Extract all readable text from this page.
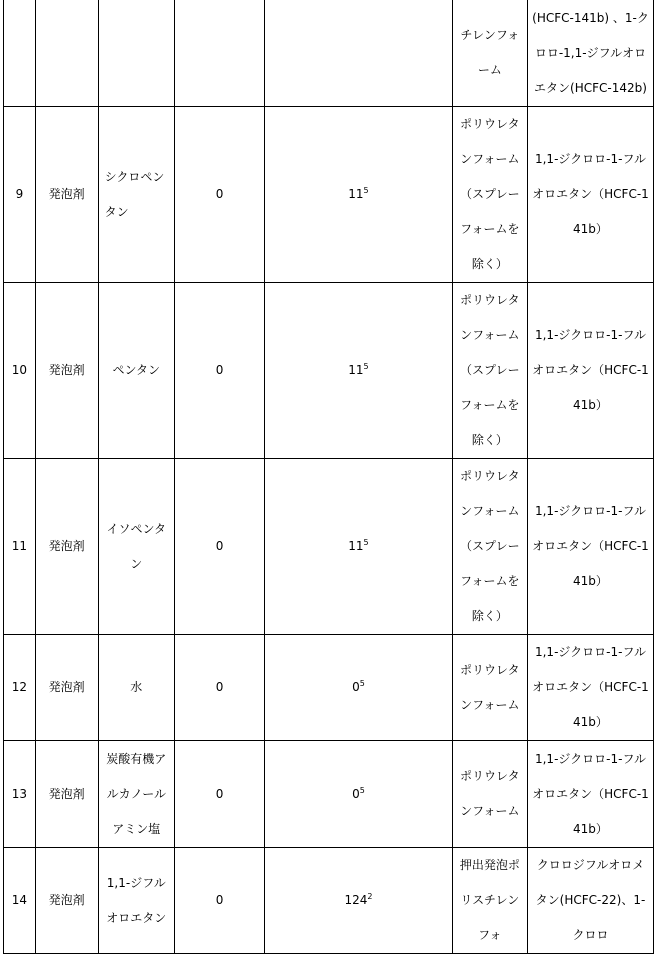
					チレンフォーム	(HCFC-141b) 、1-クロロ-1,1-ジフルオロエタン(HCFC-142b)
9	発泡剤	シクロペンタン	0	$11^5$	ポリウレタンフォーム（スプレーフォームを除く）	1,1-ジクロロ-1-フルオロエタン（HCFC-141b）
10	発泡剤	ペンタン	0	$11^5$	ポリウレタンフォーム（スプレーフォームを除く）	1,1-ジクロロ-1-フルオロエタン（HCFC-141b）
11	発泡剤	イソペンタン	0	$11^5$	ポリウレタンフォーム（スプレーフォームを除く）	1,1-ジクロロ-1-フルオロエタン（HCFC-141b）
12	発泡剤	水	0	$0^5$	ポリウレタンフォーム	1,1-ジクロロ-1-フルオロエタン（HCFC-141b）
13	発泡剤	炭酸有機アルカノールアミン塩	0	$0^5$	ポリウレタンフォーム	1,1-ジクロロ-1-フルオロエタン（HCFC-141b）
14	発泡剤	1,1-ジフルオロエタン	0	$124^2$	押出発泡ポリスチレンフォ	クロロジフルオロメタン(HCFC-22)、1-クロロ
